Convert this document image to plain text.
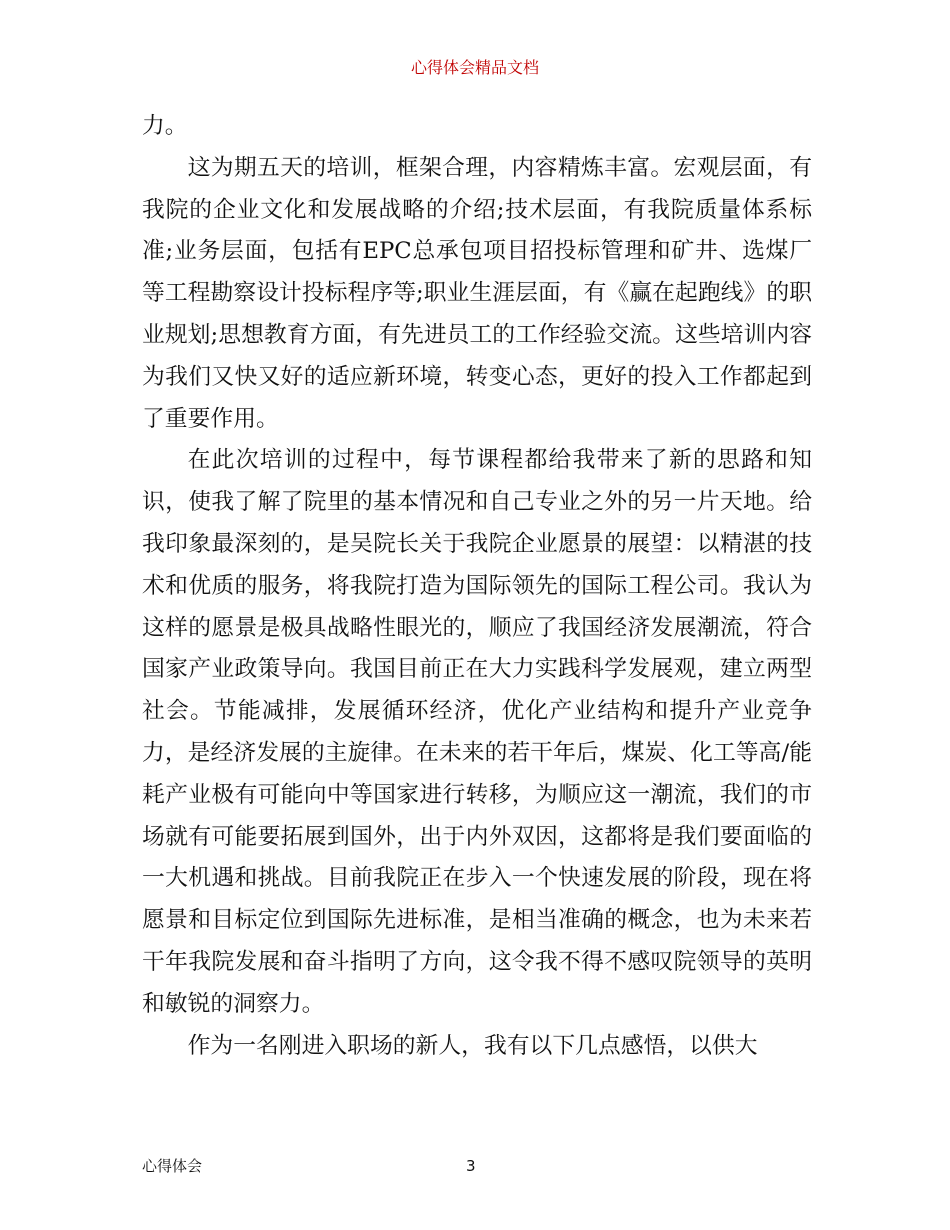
心得体会精品文档

力。

这为期五天的培训，框架合理，内容精炼丰富。宏观层面，有我院的企业文化和发展战略的介绍;技术层面，有我院质量体系标准;业务层面，包括有EPC总承包项目招投标管理和矿井、选煤厂等工程勘察设计投标程序等;职业生涯层面，有《赢在起跑线》的职业规划;思想教育方面，有先进员工的工作经验交流。这些培训内容为我们又快又好的适应新环境，转变心态，更好的投入工作都起到了重要作用。

在此次培训的过程中，每节课程都给我带来了新的思路和知识，使我了解了院里的基本情况和自己专业之外的另一片天地。给我印象最深刻的，是吴院长关于我院企业愿景的展望：以精湛的技术和优质的服务，将我院打造为国际领先的国际工程公司。我认为这样的愿景是极具战略性眼光的，顺应了我国经济发展潮流，符合国家产业政策导向。我国目前正在大力实践科学发展观，建立两型社会。节能减排，发展循环经济，优化产业结构和提升产业竞争力，是经济发展的主旋律。在未来的若干年后，煤炭、化工等高/能耗产业极有可能向中等国家进行转移，为顺应这一潮流，我们的市场就有可能要拓展到国外，出于内外双因，这都将是我们要面临的一大机遇和挑战。目前我院正在步入一个快速发展的阶段，现在将愿景和目标定位到国际先进标准，是相当准确的概念，也为未来若干年我院发展和奋斗指明了方向，这令我不得不感叹院领导的英明和敏锐的洞察力。

作为一名刚进入职场的新人，我有以下几点感悟，以供大

心得体会	3
